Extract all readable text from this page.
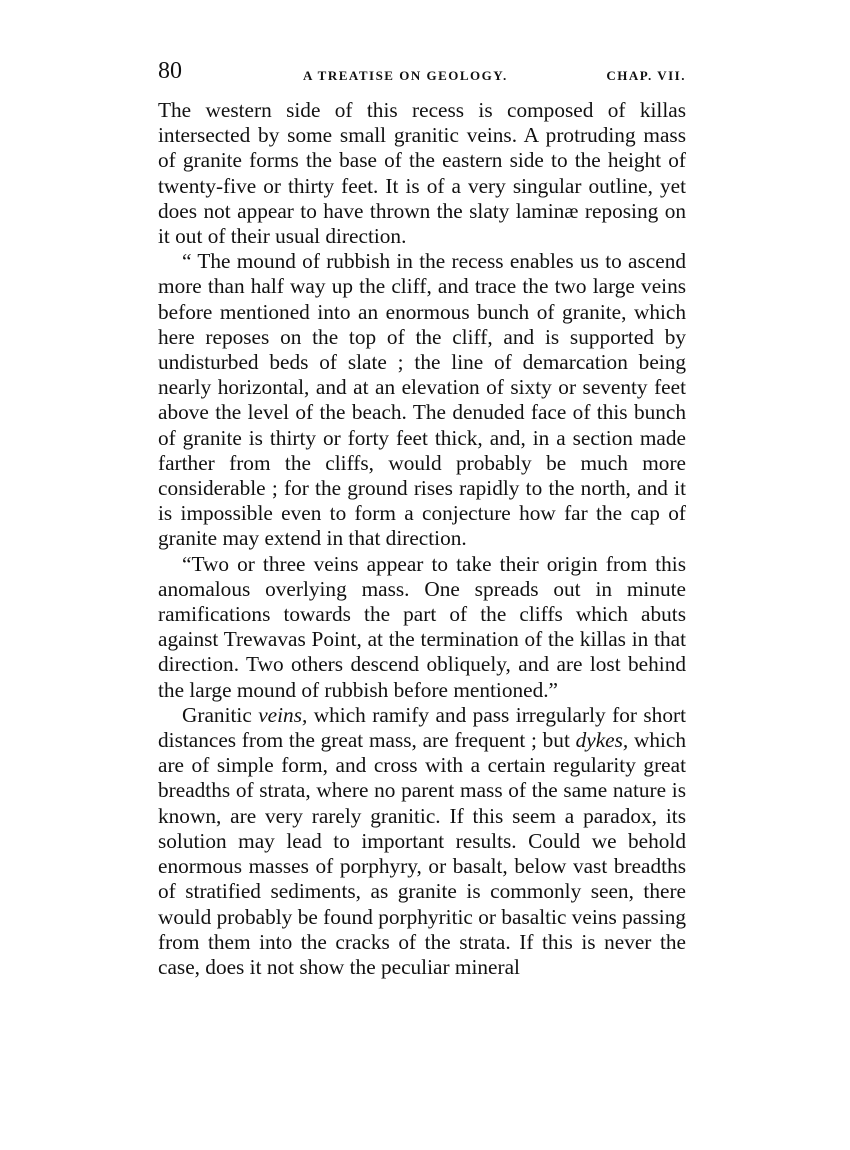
80	A TREATISE ON GEOLOGY.	CHAP. VII.

The western side of this recess is composed of killas intersected by some small granitic veins. A protruding mass of granite forms the base of the eastern side to the height of twenty-five or thirty feet. It is of a very singular outline, yet does not appear to have thrown the slaty laminæ reposing on it out of their usual direction.

“ The mound of rubbish in the recess enables us to ascend more than half way up the cliff, and trace the two large veins before mentioned into an enormous bunch of granite, which here reposes on the top of the cliff, and is supported by undisturbed beds of slate ; the line of demarcation being nearly horizontal, and at an elevation of sixty or seventy feet above the level of the beach. The denuded face of this bunch of granite is thirty or forty feet thick, and, in a section made farther from the cliffs, would probably be much more considerable ; for the ground rises rapidly to the north, and it is impossible even to form a conjecture how far the cap of granite may extend in that direction.

“Two or three veins appear to take their origin from this anomalous overlying mass. One spreads out in minute ramifications towards the part of the cliffs which abuts against Trewavas Point, at the termination of the killas in that direction. Two others descend obliquely, and are lost behind the large mound of rubbish before mentioned.”

Granitic veins, which ramify and pass irregularly for short distances from the great mass, are frequent ; but dykes, which are of simple form, and cross with a certain regularity great breadths of strata, where no parent mass of the same nature is known, are very rarely granitic. If this seem a paradox, its solution may lead to important results. Could we behold enormous masses of porphyry, or basalt, below vast breadths of stratified sediments, as granite is commonly seen, there would probably be found porphyritic or basaltic veins passing from them into the cracks of the strata. If this is never the case, does it not show the peculiar mineral
